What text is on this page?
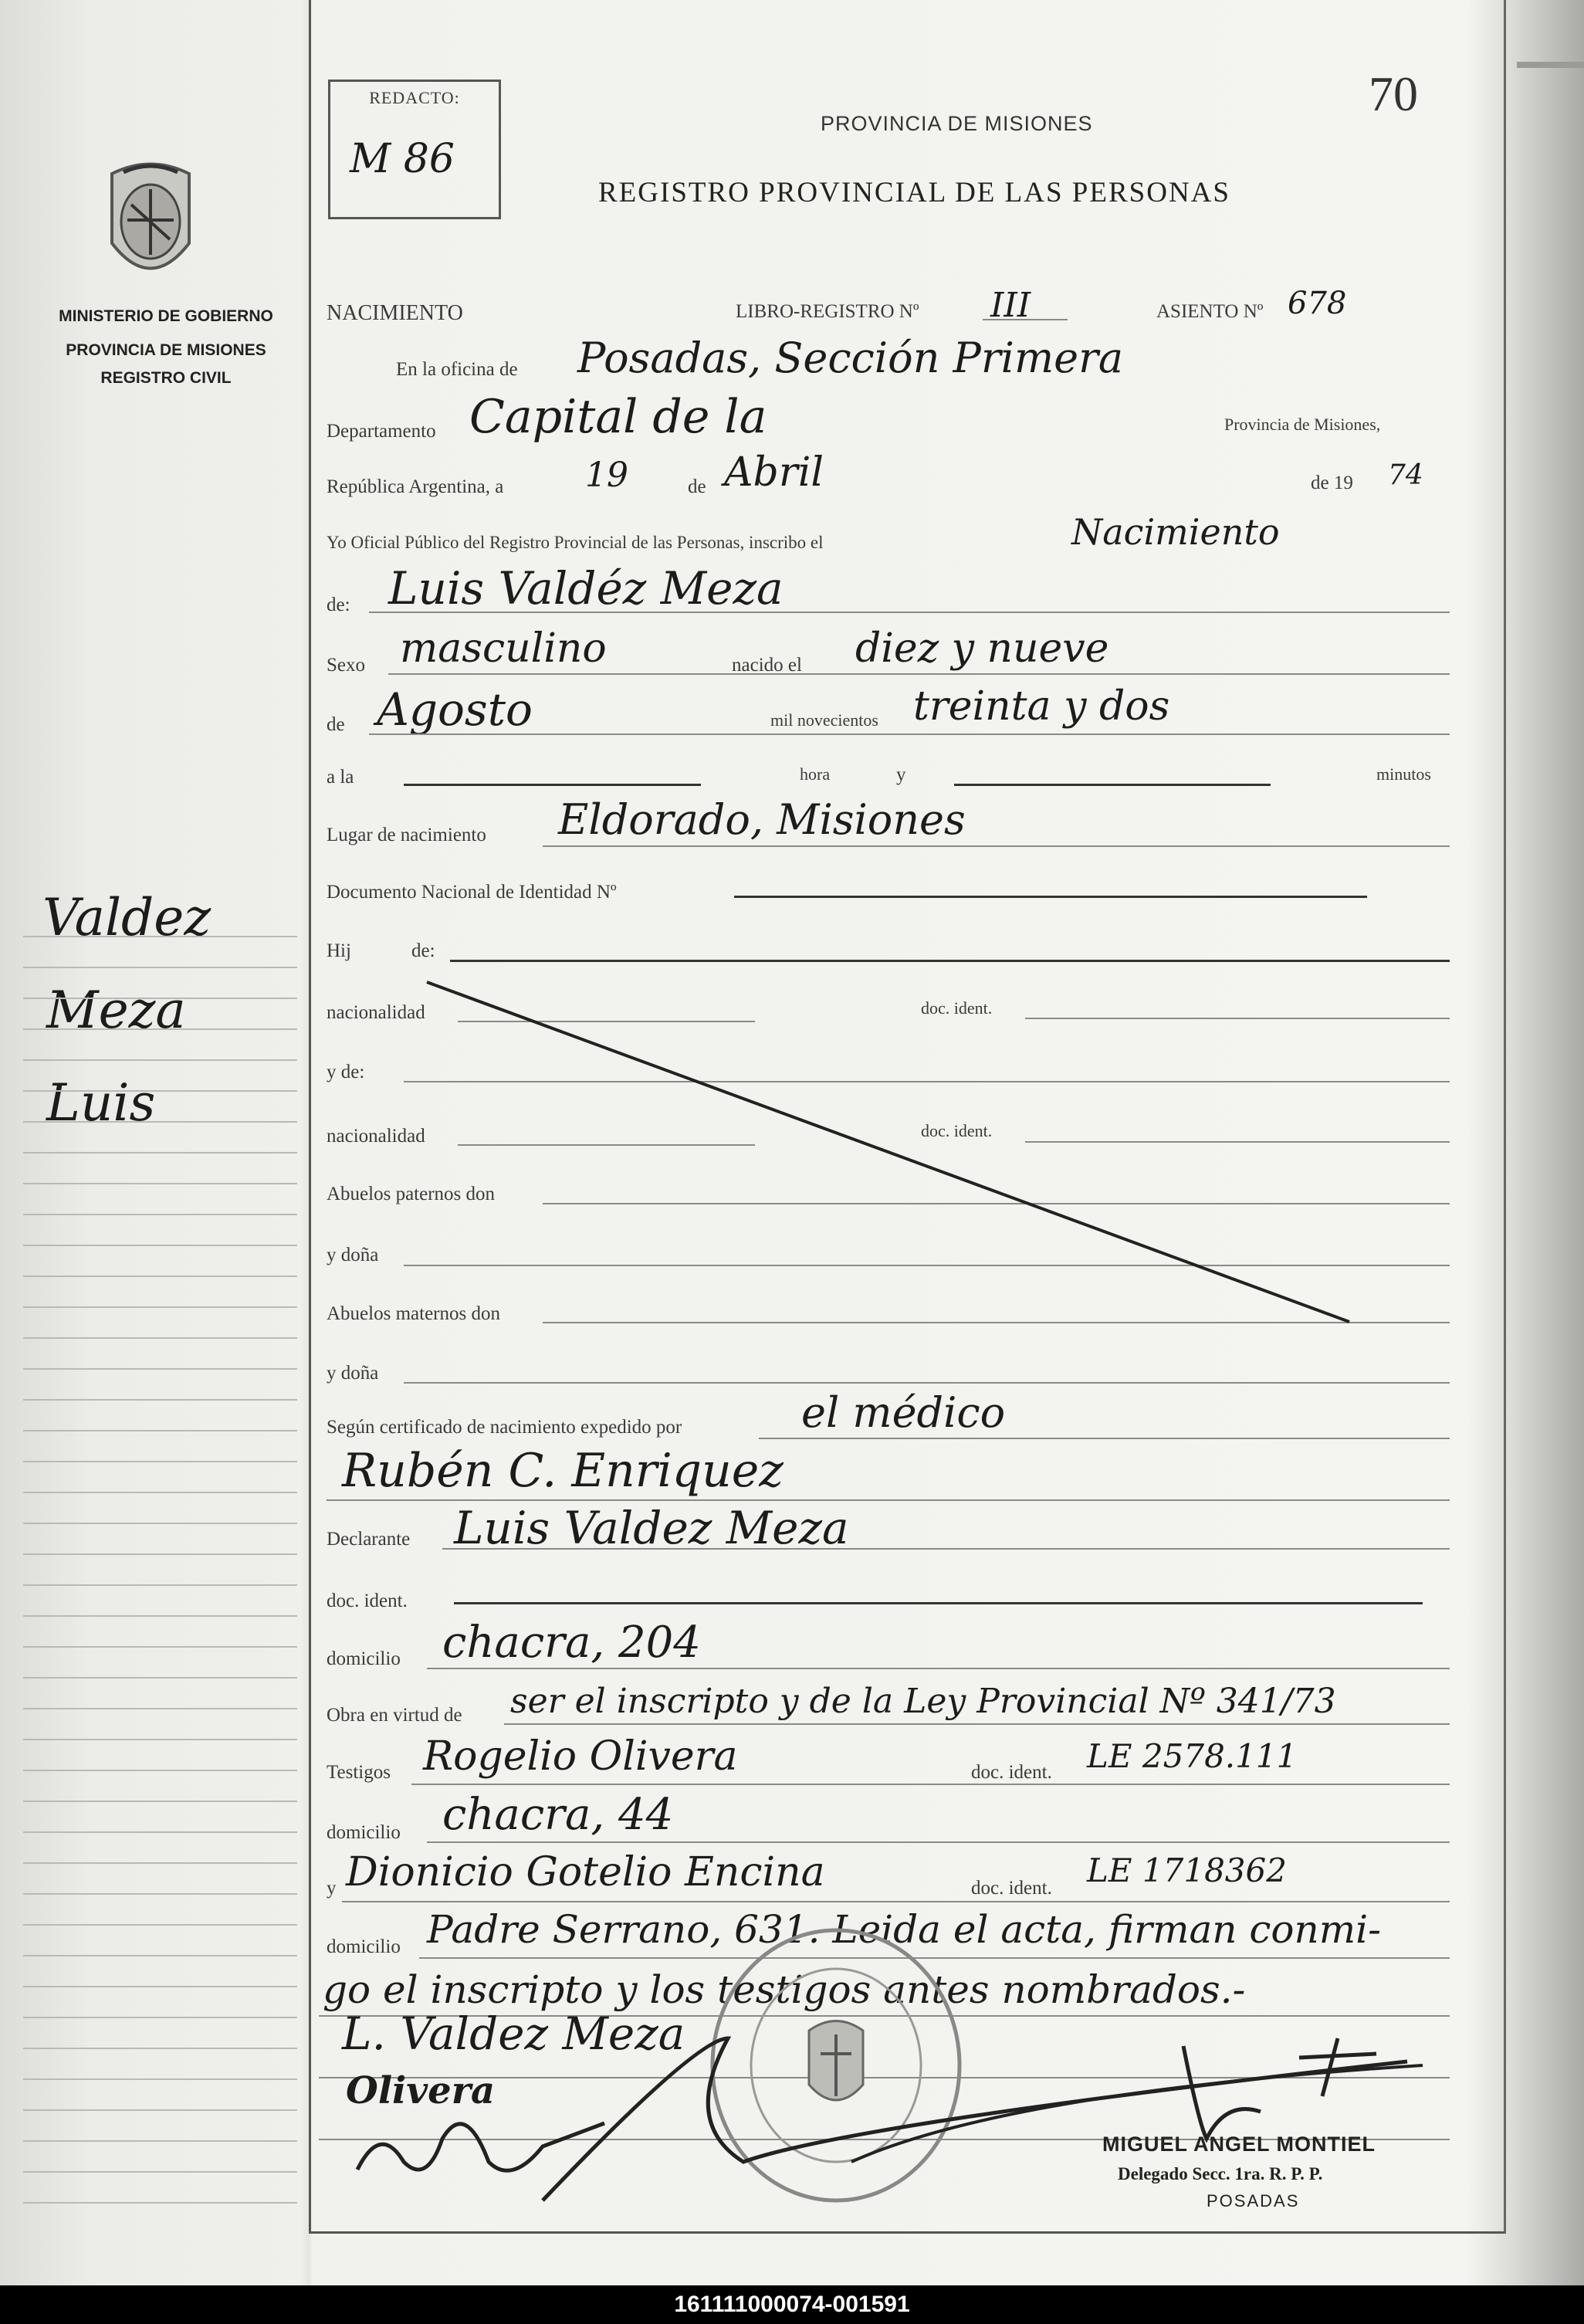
MINISTERIO DE GOBIERNO
PROVINCIA DE MISIONES
REGISTRO CIVIL
Valdez
Meza
Luis
REDACTO:
M 86
70
PROVINCIA DE MISIONES
REGISTRO PROVINCIAL DE LAS PERSONAS
NACIMIENTO	LIBRO-REGISTRO Nº III	ASIENTO Nº 678
En la oficina de Posadas, Sección Primera
Departamento Capital de la	Provincia de Misiones,
República Argentina, a 19	de Abril	de 19 74
Yo Oficial Público del Registro Provincial de las Personas, inscribo el	Nacimiento
de: Luis Valdéz Meza
Sexo masculino	nacido el diez y nueve
de Agosto	mil novecientos treinta y dos
a la	hora	y	minutos
Lugar de nacimiento Eldorado, Misiones
Documento Nacional de Identidad Nº
Hij	de:
nacionalidad	doc. ident.
y de:
nacionalidad	doc. ident.
Abuelos paternos don
y doña
Abuelos maternos don
y doña
Según certificado de nacimiento expedido por	el médico
Rubén C. Enriquez
Declarante Luis Valdez Meza
doc. ident.
domicilio chacra, 204
Obra en virtud de ser el inscripto y de la Ley Provincial Nº 341/73
Testigos Rogelio Olivera	doc. ident. LE 2578.111
domicilio chacra, 44
y Dionicio Gotelio Encina	doc. ident. LE 1718362
domicilio Padre Serrano, 631. Leida el acta, firman conmi-
go el inscripto y los testigos antes nombrados.-
L. Valdez Meza
Olivera
MIGUEL ANGEL MONTIEL
Delegado Secc. 1ra. R. P. P.
POSADAS
161111000074-001591
